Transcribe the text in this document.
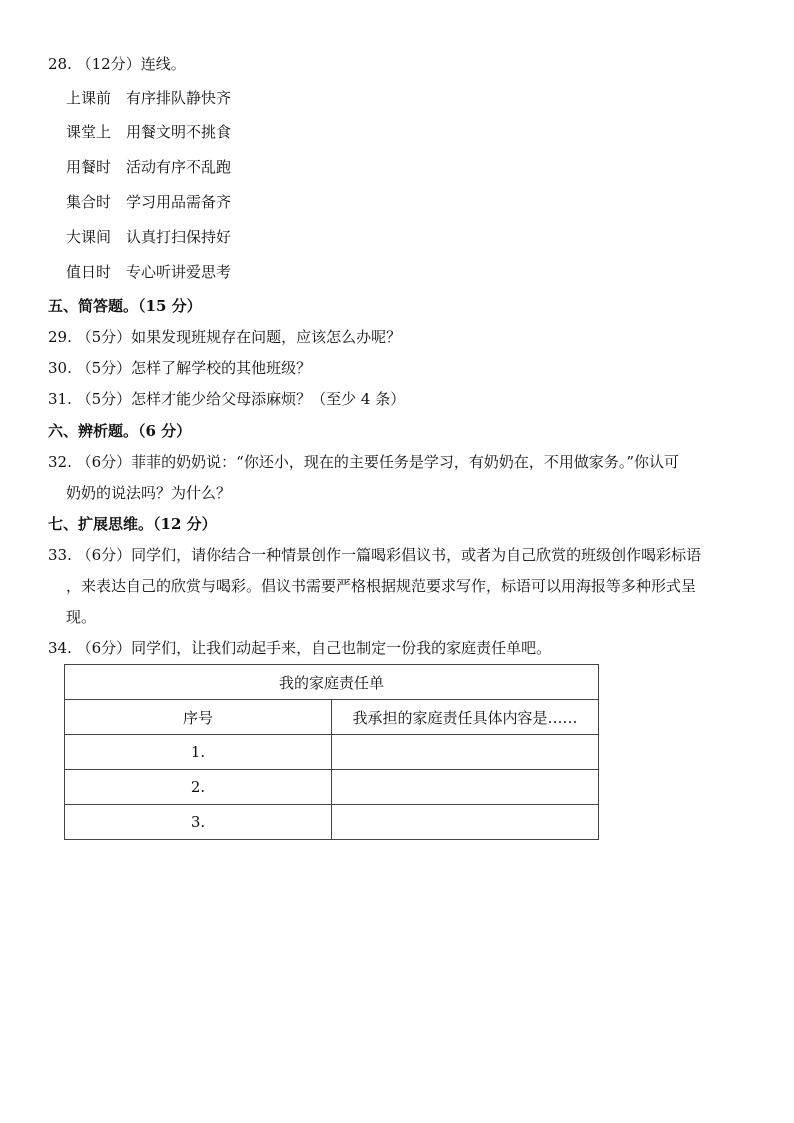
28. （12分）连线。
上课前 有序排队静快齐
课堂上 用餐文明不挑食
用餐时 活动有序不乱跑
集合时 学习用品需备齐
大课间 认真打扫保持好
值日时 专心听讲爱思考
五、简答题。（15 分）
29. （5分）如果发现班规存在问题，应该怎么办呢？
30. （5分）怎样了解学校的其他班级？
31. （5分）怎样才能少给父母添麻烦？（至少 4 条）
六、辨析题。（6 分）
32. （6分）菲菲的奶奶说：“你还小，现在的主要任务是学习，有奶奶在，不用做家务。”你认可
奶奶的说法吗？为什么？
七、扩展思维。（12 分）
33. （6分）同学们，请你结合一种情景创作一篇喝彩倡议书，或者为自己欣赏的班级创作喝彩标语
，来表达自己的欣赏与喝彩。倡议书需要严格根据规范要求写作，标语可以用海报等多种形式呈
现。
34. （6分）同学们，让我们动起手来，自己也制定一份我的家庭责任单吧。
我的家庭责任单	
序号	我承担的家庭责任具体内容是……
1.	
2.	
3.	
